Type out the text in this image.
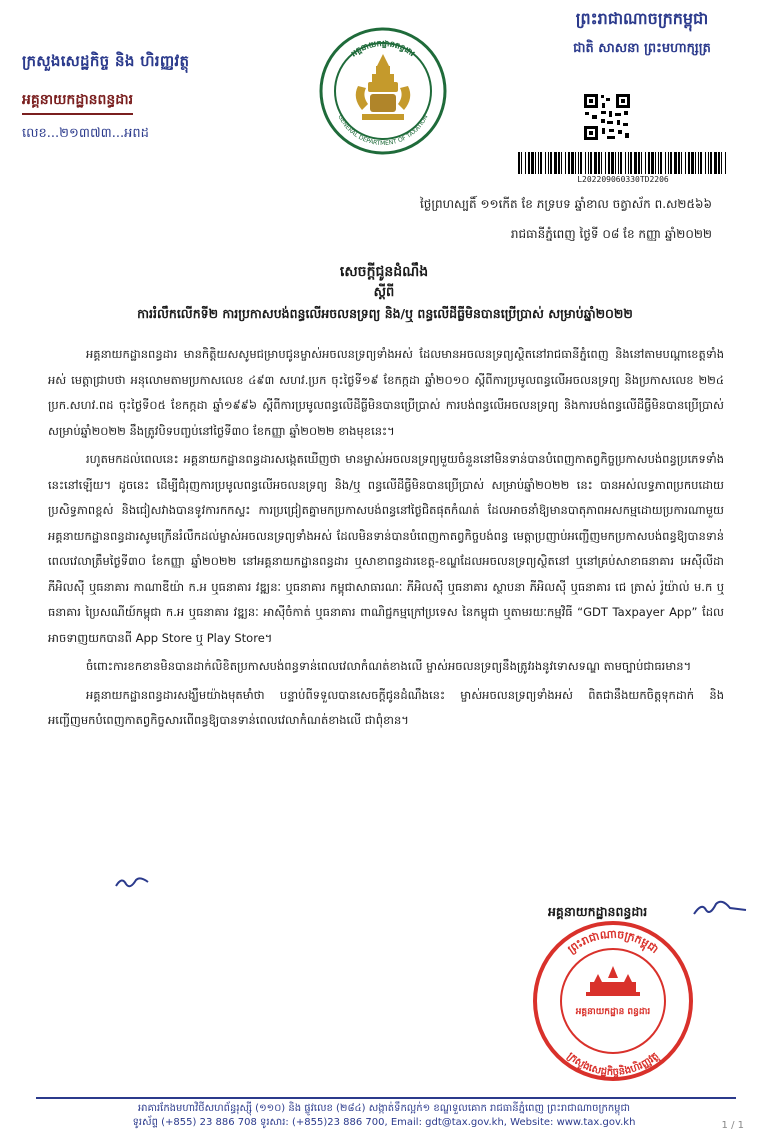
ក្រសួងសេដ្ឋកិច្ច និង ហិរញ្ញវត្ថុ
អគ្គនាយកដ្ឋានពន្ធដារ
លេខ...២១៣៧៣...អពដ
អគ្គនាយកដ្ឋានពន្ធដារ
GENERAL DEPARTMENT OF TAXATION
ព្រះរាជាណាចក្រកម្ពុជា
ជាតិ សាសនា ព្រះមហាក្សត្រ
L202209060330TD2206
ថ្ងៃព្រហស្បតិ៍ ១១កើត ខែ ភទ្របទ ឆ្នាំខាល ចត្វាស័ក ព.ស២៥៦៦
រាជធានីភ្នំពេញ ថ្ងៃទី ០៨ ខែ កញ្ញា ឆ្នាំ២០២២
សេចក្តីជូនដំណឹង
ស្តីពី
ការរំលឹកលើកទី២ ការប្រកាសបង់ពន្ធលើអចលនទ្រព្យ និង/ឬ ពន្ធលើដីធ្លីមិនបានប្រើប្រាស់ សម្រាប់ឆ្នាំ២០២២

អគ្គនាយកដ្ឋានពន្ធដារ មានកិត្តិយសសូមជម្រាបជូនម្ចាស់អចលនទ្រព្យទាំងអស់ ដែលមានអចលនទ្រព្យស្ថិតនៅរាជធានីភ្នំពេញ និងនៅតាមបណ្តាខេត្តទាំងអស់ មេត្តាជ្រាបថា អនុលោមតាមប្រកាសលេខ ៤៩៣ សហវ.ប្រក ចុះថ្ងៃទី១៩ ខែកក្កដា ឆ្នាំ២០១០ ស្តីពីការប្រមូលពន្ធលើអចលនទ្រព្យ និងប្រកាសលេខ ២២៤ ប្រក.សហវ.ពដ ចុះថ្ងៃទី០៥ ខែកក្កដា ឆ្នាំ១៩៩៦ ស្តីពីការប្រមូលពន្ធលើដីធ្លីមិនបានប្រើប្រាស់ ការបង់ពន្ធលើអចលនទ្រព្យ និងការបង់ពន្ធលើដីធ្លីមិនបានប្រើប្រាស់សម្រាប់ឆ្នាំ២០២២ នឹងត្រូវបិទបញ្ចប់នៅថ្ងៃទី៣០ ខែកញ្ញា ឆ្នាំ២០២២ ខាងមុខនេះ។

រហូតមកដល់ពេលនេះ អគ្គនាយកដ្ឋានពន្ធដារសង្កេតឃើញថា មានម្ចាស់អចលនទ្រព្យមួយចំនួននៅមិនទាន់បានបំពេញកាតព្វកិច្ចប្រកាសបង់ពន្ធប្រភេទទាំងនេះនៅឡើយ។ ដូចនេះ ដើម្បីជំរុញការប្រមូលពន្ធលើអចលនទ្រព្យ និង/ឬ ពន្ធលើដីធ្លីមិនបានប្រើប្រាស់ សម្រាប់ឆ្នាំ២០២២ នេះ បានអស់លទ្ធភាពប្រកបដោយប្រសិទ្ធភាពខ្ពស់ និងជៀសវាងបានទូវការកកស្ទះ ការប្រជ្រៀតគ្នាមកប្រកាសបង់ពន្ធនៅថ្ងៃជិតផុតកំណត់ ដែលអាចនាំឱ្យមានបាតុភាពអសកម្មដោយប្រការណាមួយ អគ្គនាយកដ្ឋានពន្ធដារសូមក្រើនរំលឹកដល់ម្ចាស់អចលនទ្រព្យទាំងអស់ ដែលមិនទាន់បានបំពេញកាតព្វកិច្ចបង់ពន្ធ មេត្តាប្រញាប់អញ្ជើញមកប្រកាសបង់ពន្ធឱ្យបានទាន់ពេលវេលាត្រឹមថ្ងៃទី៣០ ខែកញ្ញា ឆ្នាំ២០២២ នៅអគ្គនាយកដ្ឋានពន្ធដារ ឬសាខាពន្ធដារខេត្ត-ខណ្ឌដែលអចលនទ្រព្យស្ថិតនៅ ឬនៅគ្រប់សាខាធនាគារ អេស៊ីលីដា ភីអិលស៊ី ឬធនាគារ កាណាឌីយ៉ា ក.អ ឬធនាគារ វឌ្ឍនៈ ឬធនាគារ កម្ពុជាសាធារណៈ ភីអិលស៊ី ឬធនាគារ ស្ថាបនា ភីអិលស៊ី ឬធនាគារ ជេ ត្រាស់ រ៉ូយ៉ាល់ ម.ក ឬធនាគារ ប្រៃសណីយ៍កម្ពុជា ក.អ ឬធនាគារ វឌ្ឍនៈ អាស៊ីចំកាត់ ឬធនាគារ ពាណិជ្ជកម្មក្រៅប្រទេស នៃកម្ពុជា ឬតាមរយៈកម្មវិធី “GDT Taxpayer App” ដែលអាចទាញយកបានពី App Store ឬ Play Store។

ចំពោះការខកខានមិនបានដាក់លិខិតប្រកាសបង់ពន្ធទាន់ពេលវេលាកំណត់ខាងលើ ម្ចាស់អចលនទ្រព្យនឹងត្រូវរងនូវទោសទណ្ឌ តាមច្បាប់ជាធរមាន។

អគ្គនាយកដ្ឋានពន្ធដារសង្ឃឹមយ៉ាងមុតមាំថា បន្ទាប់ពីទទួលបានសេចក្តីជូនដំណឹងនេះ ម្ចាស់អចលនទ្រព្យទាំងអស់ ពិតជានឹងយកចិត្តទុកដាក់ និងអញ្ជើញមកបំពេញកាតព្វកិច្ចសារពើពន្ធឱ្យបានទាន់ពេលវេលាកំណត់ខាងលើ ជាពុំខាន។

អគ្គនាយកដ្ឋានពន្ធដារ
ព្រះរាជាណាចក្រកម្ពុជា
ក្រសួងសេដ្ឋកិច្ចនិងហិរញ្ញវត្ថុ
អគ្គនាយកដ្ឋាន ពន្ធដារ
អាគារកែងមហាវិថីសហព័ន្ធរុស្ស៊ី (១១០) និង ផ្លូវលេខ (២៨៤) សង្កាត់ទឹកល្អក់១ ខណ្ឌទួលគោក រាជធានីភ្នំពេញ ព្រះរាជាណាចក្រកម្ពុជា
ទូរស័ព្ទ (+855) 23 886 708 ទូរសារ: (+855)23 886 700, Email: gdt@tax.gov.kh, Website: www.tax.gov.kh	1 / 1
